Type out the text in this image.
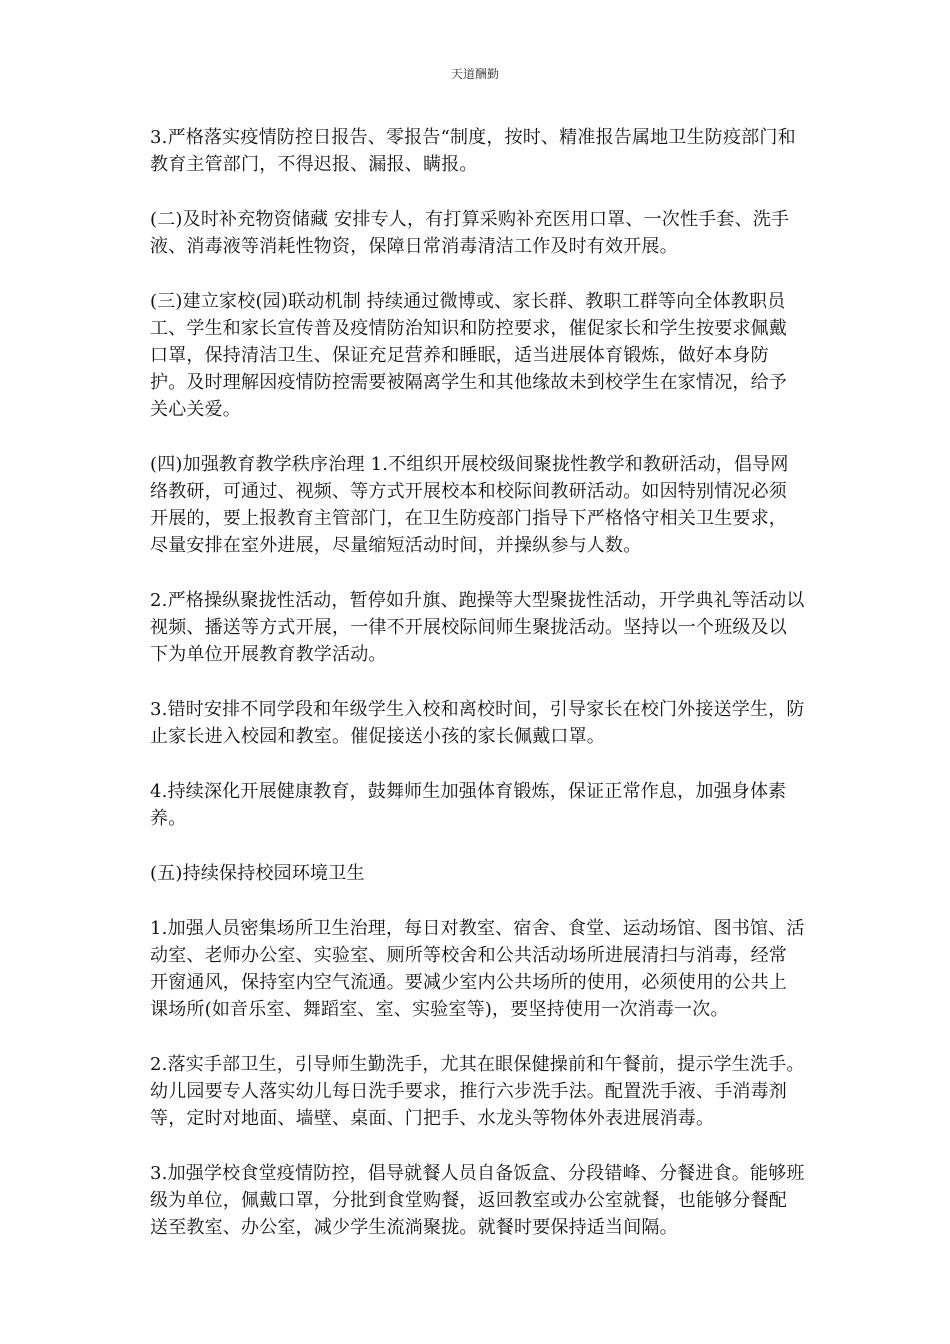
天道酬勤

3.严格落实疫情防控日报告、零报告“制度，按时、精准报告属地卫生防疫部门和教育主管部门，不得迟报、漏报、瞒报。

(二)及时补充物资储藏 安排专人，有打算采购补充医用口罩、一次性手套、洗手液、消毒液等消耗性物资，保障日常消毒清洁工作及时有效开展。

(三)建立家校(园)联动机制 持续通过微博或、家长群、教职工群等向全体教职员工、学生和家长宣传普及疫情防治知识和防控要求，催促家长和学生按要求佩戴口罩，保持清洁卫生、保证充足营养和睡眠，适当进展体育锻炼，做好本身防护。及时理解因疫情防控需要被隔离学生和其他缘故未到校学生在家情况，给予关心关爱。

(四)加强教育教学秩序治理 1.不组织开展校级间聚拢性教学和教研活动，倡导网络教研，可通过、视频、等方式开展校本和校际间教研活动。如因特别情况必须开展的，要上报教育主管部门，在卫生防疫部门指导下严格恪守相关卫生要求，尽量安排在室外进展，尽量缩短活动时间，并操纵参与人数。

2.严格操纵聚拢性活动，暂停如升旗、跑操等大型聚拢性活动，开学典礼等活动以视频、播送等方式开展，一律不开展校际间师生聚拢活动。坚持以一个班级及以下为单位开展教育教学活动。

3.错时安排不同学段和年级学生入校和离校时间，引导家长在校门外接送学生，防止家长进入校园和教室。催促接送小孩的家长佩戴口罩。

4.持续深化开展健康教育，鼓舞师生加强体育锻炼，保证正常作息，加强身体素养。

(五)持续保持校园环境卫生

1.加强人员密集场所卫生治理，每日对教室、宿舍、食堂、运动场馆、图书馆、活动室、老师办公室、实验室、厕所等校舍和公共活动场所进展清扫与消毒，经常开窗通风，保持室内空气流通。要减少室内公共场所的使用，必须使用的公共上课场所(如音乐室、舞蹈室、室、实验室等)，要坚持使用一次消毒一次。

2.落实手部卫生，引导师生勤洗手，尤其在眼保健操前和午餐前，提示学生洗手。幼儿园要专人落实幼儿每日洗手要求，推行六步洗手法。配置洗手液、手消毒剂等，定时对地面、墙壁、桌面、门把手、水龙头等物体外表进展消毒。

3.加强学校食堂疫情防控，倡导就餐人员自备饭盒、分段错峰、分餐进食。能够班级为单位，佩戴口罩，分批到食堂购餐，返回教室或办公室就餐，也能够分餐配送至教室、办公室，减少学生流淌聚拢。就餐时要保持适当间隔。
